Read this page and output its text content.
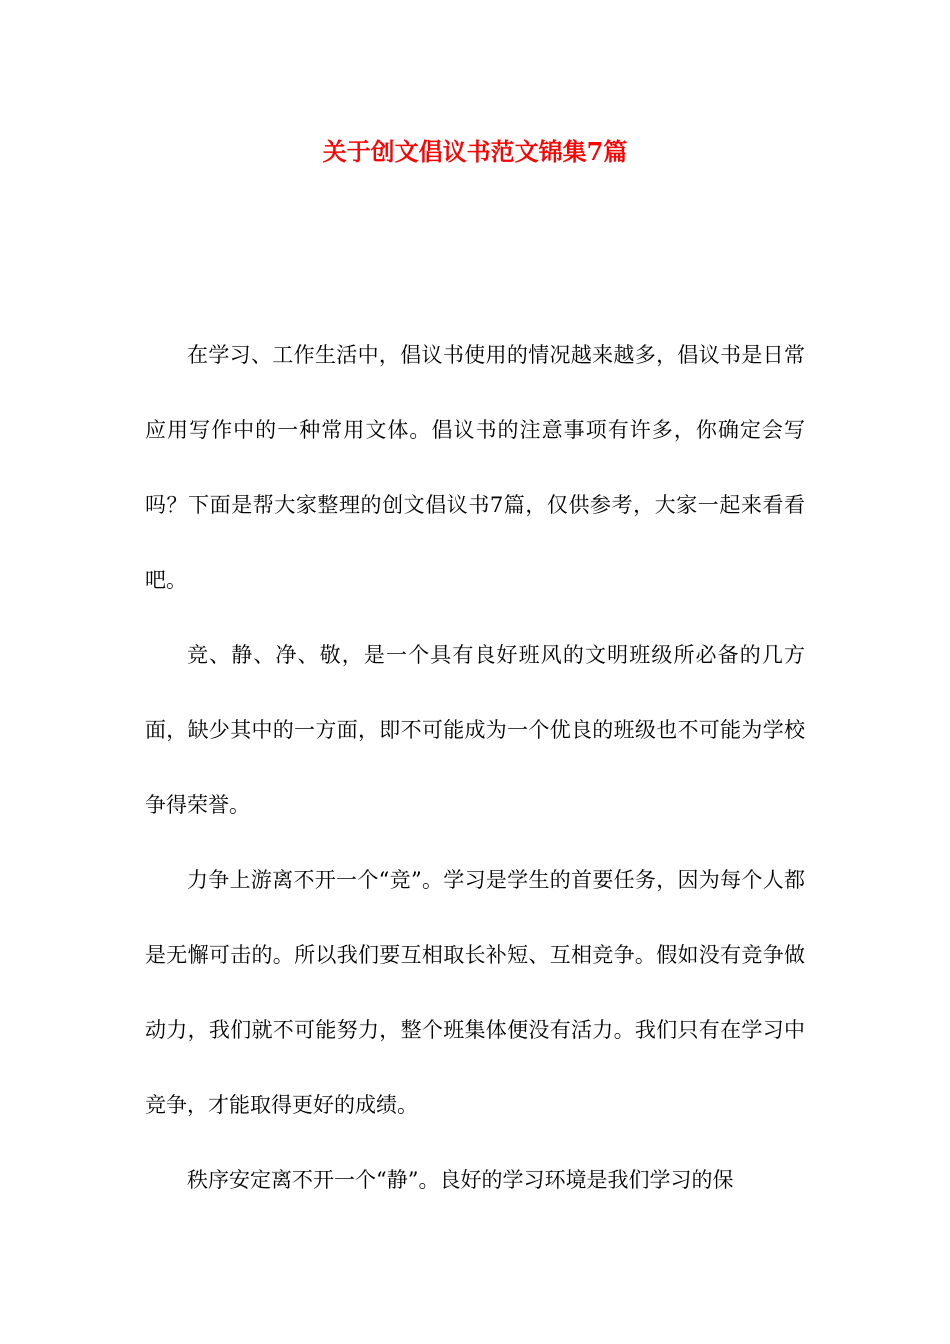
关于创文倡议书范文锦集7篇

在学习、工作生活中，倡议书使用的情况越来越多，倡议书是日常应用写作中的一种常用文体。倡议书的注意事项有许多，你确定会写吗？下面是帮大家整理的创文倡议书7篇，仅供参考，大家一起来看看吧。

竞、静、净、敬，是一个具有良好班风的文明班级所必备的几方面，缺少其中的一方面，即不可能成为一个优良的班级也不可能为学校争得荣誉。

力争上游离不开一个“竞”。学习是学生的首要任务，因为每个人都是无懈可击的。所以我们要互相取长补短、互相竞争。假如没有竞争做动力，我们就不可能努力，整个班集体便没有活力。我们只有在学习中竞争，才能取得更好的成绩。

秩序安定离不开一个“静”。良好的学习环境是我们学习的保
